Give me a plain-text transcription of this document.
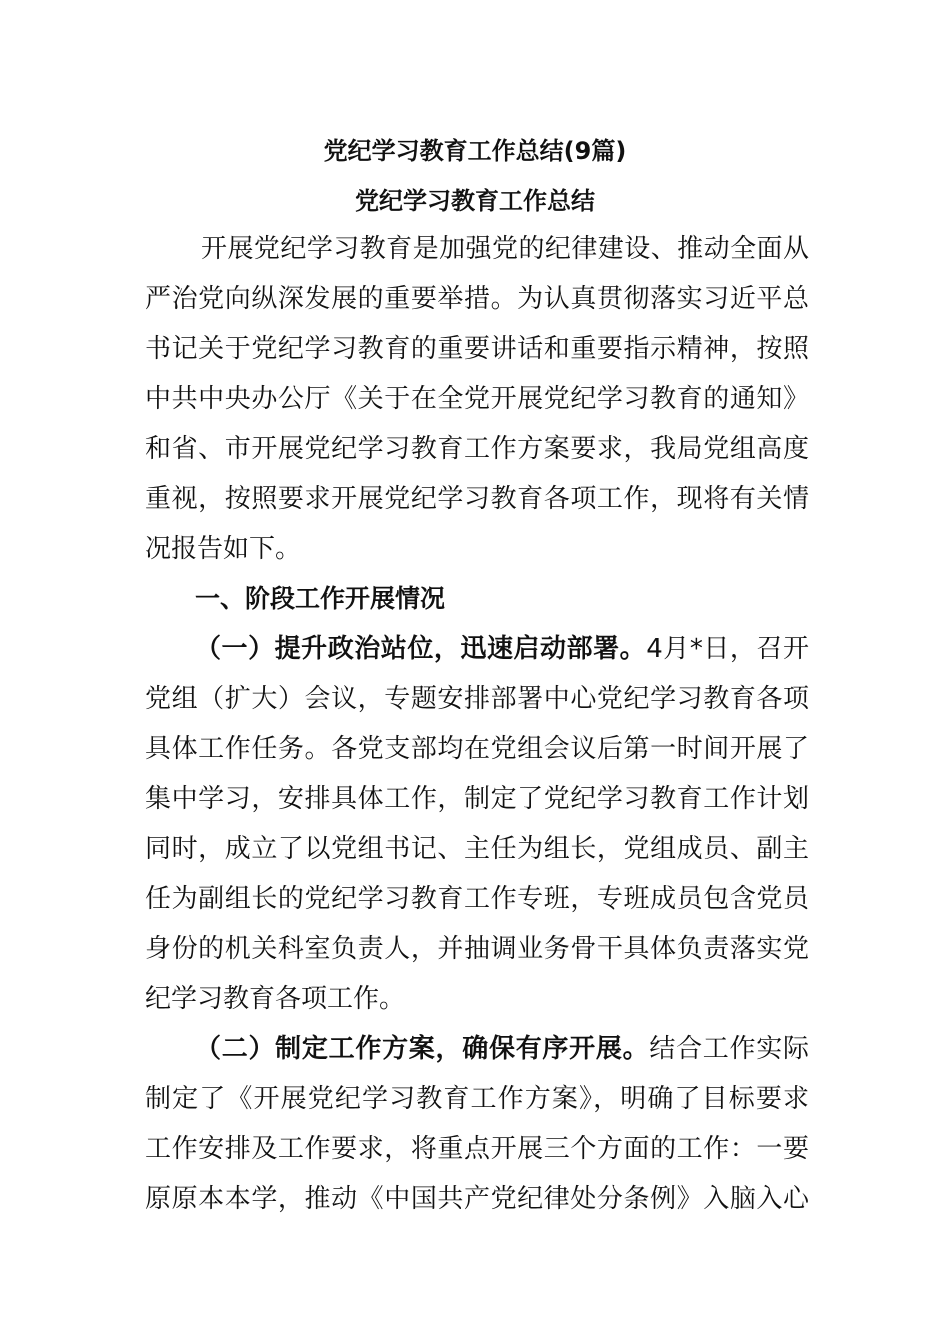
党纪学习教育工作总结(9篇)
党纪学习教育工作总结
开展党纪学习教育是加强党的纪律建设、推动全面从
严治党向纵深发展的重要举措。为认真贯彻落实习近平总
书记关于党纪学习教育的重要讲话和重要指示精神，按照
中共中央办公厅《关于在全党开展党纪学习教育的通知》
和省、市开展党纪学习教育工作方案要求，我局党组高度
重视，按照要求开展党纪学习教育各项工作，现将有关情
况报告如下。
一、阶段工作开展情况
（一）提升政治站位，迅速启动部署。4月*日，召开
党组（扩大）会议，专题安排部署中心党纪学习教育各项
具体工作任务。各党支部均在党组会议后第一时间开展了
集中学习，安排具体工作，制定了党纪学习教育工作计划
同时，成立了以党组书记、主任为组长，党组成员、副主
任为副组长的党纪学习教育工作专班，专班成员包含党员
身份的机关科室负责人，并抽调业务骨干具体负责落实党
纪学习教育各项工作。
（二）制定工作方案，确保有序开展。结合工作实际
制定了《开展党纪学习教育工作方案》，明确了目标要求
工作安排及工作要求，将重点开展三个方面的工作：一要
原原本本学，推动《中国共产党纪律处分条例》入脑入心
